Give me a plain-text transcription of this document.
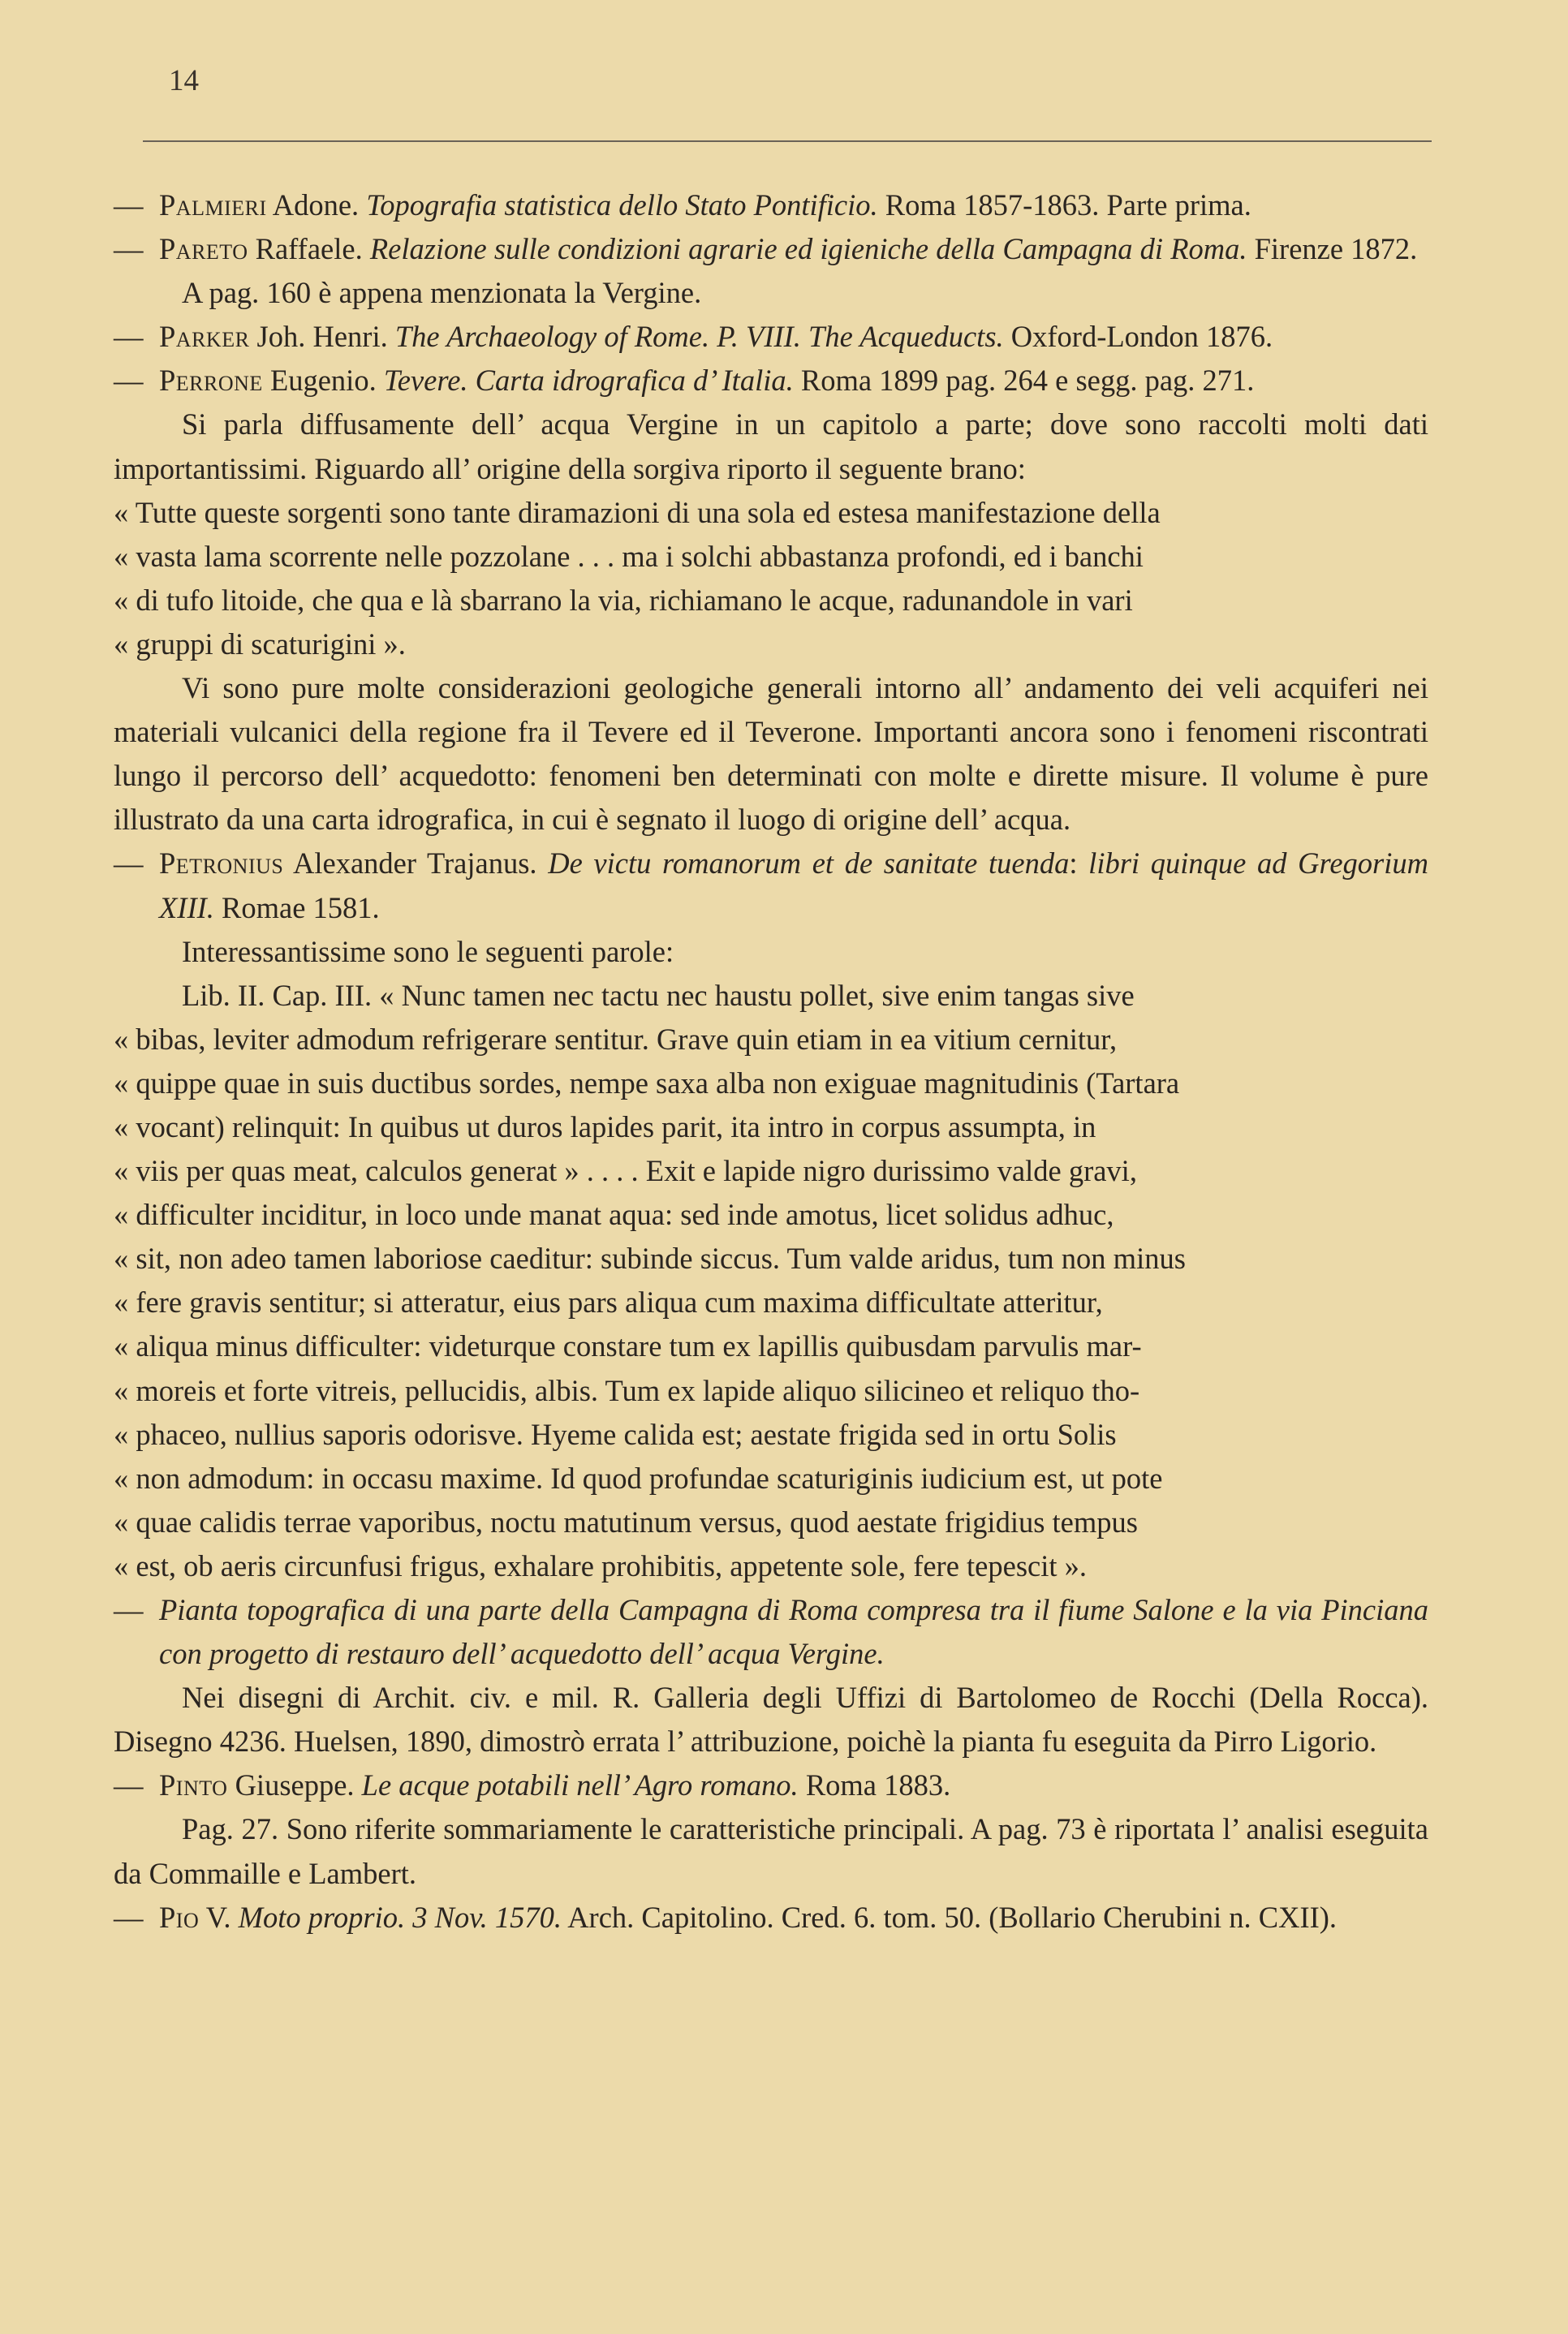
14

— Palmieri Adone. Topografia statistica dello Stato Pontificio. Roma 1857-1863. Parte prima.

— Pareto Raffaele. Relazione sulle condizioni agrarie ed igieniche della Campagna di Roma. Firenze 1872.

A pag. 160 è appena menzionata la Vergine.

— Parker Joh. Henri. The Archaeology of Rome. P. VIII. The Acqueducts. Oxford-London 1876.

— Perrone Eugenio. Tevere. Carta idrografica d’ Italia. Roma 1899 pag. 264 e segg. pag. 271.

Si parla diffusamente dell’ acqua Vergine in un capitolo a parte; dove sono raccolti molti dati importantissimi. Riguardo all’ origine della sorgiva riporto il seguente brano:

« Tutte queste sorgenti sono tante diramazioni di una sola ed estesa manifestazione della

« vasta lama scorrente nelle pozzolane . . . ma i solchi abbastanza profondi, ed i banchi

« di tufo litoide, che qua e là sbarrano la via, richiamano le acque, radunandole in vari

« gruppi di scaturigini ».

Vi sono pure molte considerazioni geologiche generali intorno all’ andamento dei veli acquiferi nei materiali vulcanici della regione fra il Tevere ed il Teverone. Importanti ancora sono i fenomeni riscontrati lungo il percorso dell’ acquedotto: fenomeni ben determinati con molte e dirette misure. Il volume è pure illustrato da una carta idrografica, in cui è segnato il luogo di origine dell’ acqua.

— Petronius Alexander Trajanus. De victu romanorum et de sanitate tuenda: libri quinque ad Gregorium XIII. Romae 1581.

Interessantissime sono le seguenti parole:

Lib. II. Cap. III. « Nunc tamen nec tactu nec haustu pollet, sive enim tangas sive

« bibas, leviter admodum refrigerare sentitur. Grave quin etiam in ea vitium cernitur,

« quippe quae in suis ductibus sordes, nempe saxa alba non exiguae magnitudinis (Tartara

« vocant) relinquit: In quibus ut duros lapides parit, ita intro in corpus assumpta, in

« viis per quas meat, calculos generat » . . . . Exit e lapide nigro durissimo valde gravi,

« difficulter inciditur, in loco unde manat aqua: sed inde amotus, licet solidus adhuc,

« sit, non adeo tamen laboriose caeditur: subinde siccus. Tum valde aridus, tum non minus

« fere gravis sentitur; si atteratur, eius pars aliqua cum maxima difficultate atteritur,

« aliqua minus difficulter: videturque constare tum ex lapillis quibusdam parvulis mar-

« moreis et forte vitreis, pellucidis, albis. Tum ex lapide aliquo silicineo et reliquo tho-

« phaceo, nullius saporis odorisve. Hyeme calida est; aestate frigida sed in ortu Solis

« non admodum: in occasu maxime. Id quod profundae scaturiginis iudicium est, ut pote

« quae calidis terrae vaporibus, noctu matutinum versus, quod aestate frigidius tempus

« est, ob aeris circunfusi frigus, exhalare prohibitis, appetente sole, fere tepescit ».

— Pianta topografica di una parte della Campagna di Roma compresa tra il fiume Salone e la via Pinciana con progetto di restauro dell’ acquedotto dell’ acqua Vergine.

Nei disegni di Archit. civ. e mil. R. Galleria degli Uffizi di Bartolomeo de Rocchi (Della Rocca). Disegno 4236. Huelsen, 1890, dimostrò errata l’ attribuzione, poichè la pianta fu eseguita da Pirro Ligorio.

— Pinto Giuseppe. Le acque potabili nell’ Agro romano. Roma 1883.

Pag. 27. Sono riferite sommariamente le caratteristiche principali. A pag. 73 è riportata l’ analisi eseguita da Commaille e Lambert.

— Pio V. Moto proprio. 3 Nov. 1570. Arch. Capitolino. Cred. 6. tom. 50. (Bollario Cherubini n. CXII).
